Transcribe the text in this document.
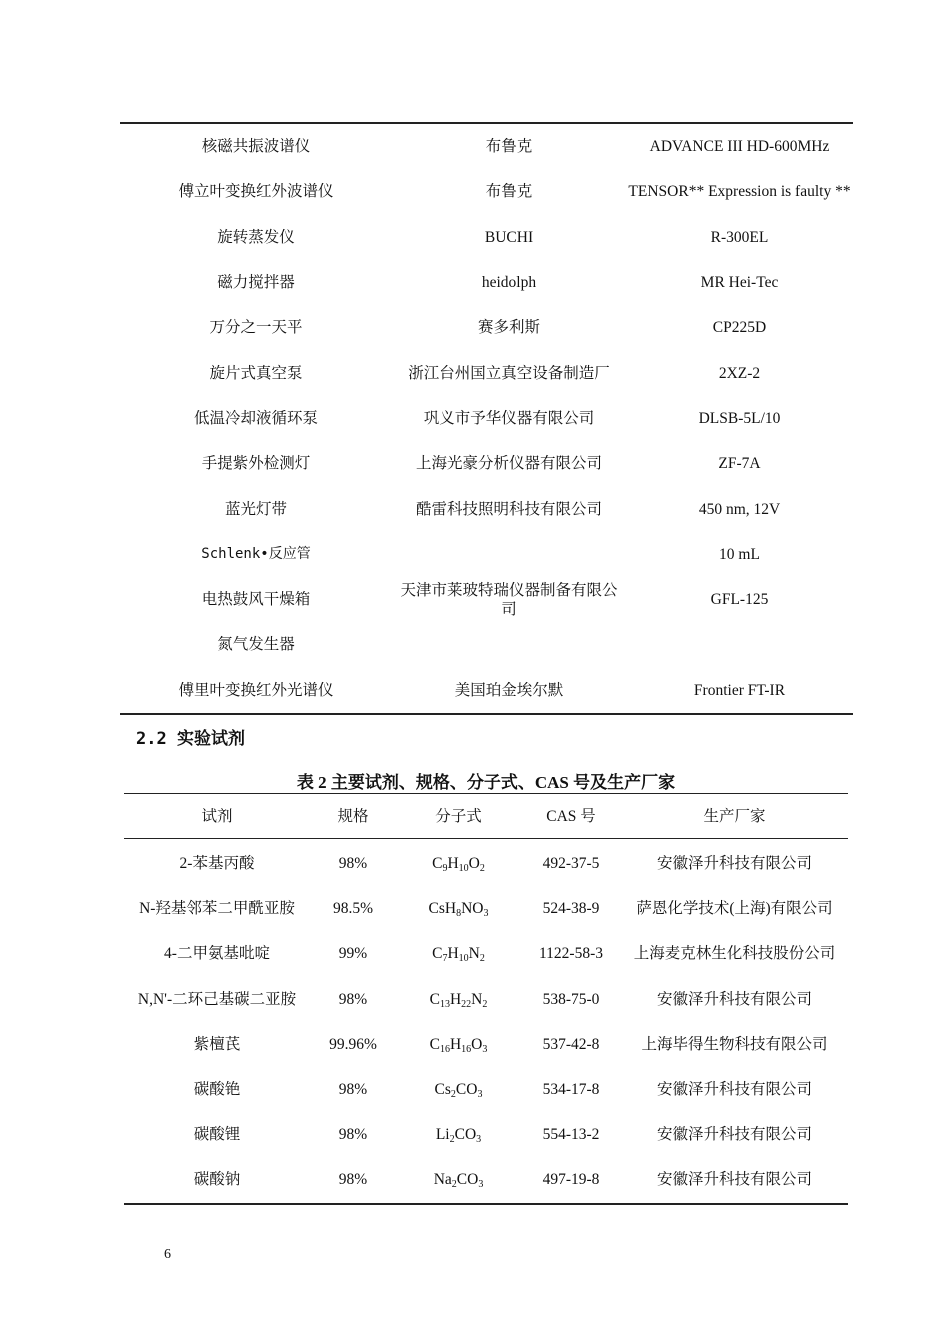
核磁共振波谱仪	布鲁克	ADVANCE III HD-600MHz
傅立叶变换红外波谱仪	布鲁克	TENSOR** Expression is faulty **
旋转蒸发仪	BUCHI	R-300EL
磁力搅拌器	heidolph	MR Hei-Tec
万分之一天平	赛多利斯	CP225D
旋片式真空泵	浙江台州国立真空设备制造厂	2XZ-2
低温冷却液循环泵	巩义市予华仪器有限公司	DLSB-5L/10
手提紫外检测灯	上海光豪分析仪器有限公司	ZF-7A
蓝光灯带	酷雷科技照明科技有限公司	450 nm, 12V
Schlenk•反应管		10 mL
电热鼓风干燥箱	天津市莱玻特瑞仪器制备有限公 司	GFL-125
氮气发生器		
傅里叶变换红外光谱仪	美国珀金埃尔默	Frontier FT-IR
2.2 实验试剂
表 2 主要试剂、规格、分子式、CAS 号及生产厂家
试剂	规格	分子式	CAS 号	生产厂家
2-苯基丙酸	98%	$C_9H_{10}O_2$	492-37-5	安徽泽升科技有限公司
N-羟基邻苯二甲酰亚胺	98.5%	$CsH_8NO_3$	524-38-9	萨恩化学技术(上海)有限公司
4-二甲氨基吡啶	99%	$C_7H_{10}N_2$	1122-58-3	上海麦克林生化科技股份公司
N,N'-二环己基碳二亚胺	98%	$C_{13}H_{22}N_2$	538-75-0	安徽泽升科技有限公司
紫檀芪	99.96%	$C_{16}H_{16}O_3$	537-42-8	上海毕得生物科技有限公司
碳酸铯	98%	$Cs_2CO_3$	534-17-8	安徽泽升科技有限公司
碳酸锂	98%	$Li_2CO_3$	554-13-2	安徽泽升科技有限公司
碳酸钠	98%	$Na_2CO_3$	497-19-8	安徽泽升科技有限公司
6
